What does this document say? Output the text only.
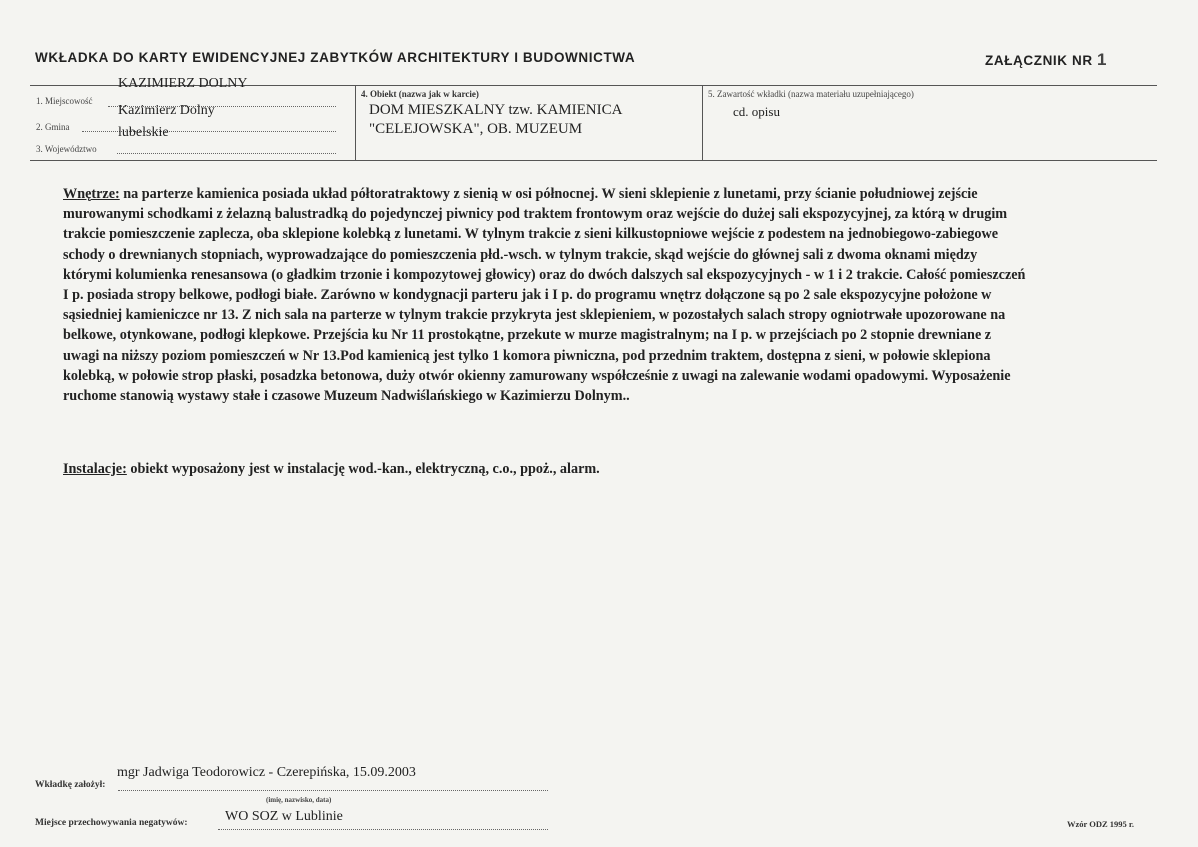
WKŁADKA DO KARTY EWIDENCYJNEJ ZABYTKÓW ARCHITEKTURY I BUDOWNICTWA	ZAŁĄCZNIK NR 1
1. Miejscowość
KAZIMIERZ DOLNY
2. Gmina
Kazimierz Dolny
3. Województwo
lubelskie
4. Obiekt (nazwa jak w karcie)
DOM MIESZKALNY tzw. KAMIENICA
"CELEJOWSKA", OB. MUZEUM
5. Zawartość wkładki (nazwa materiału uzupełniającego)
cd. opisu

Wnętrze: na parterze kamienica posiada układ półtoratraktowy z sienią w osi północnej. W sieni sklepienie z lunetami, przy ścianie południowej zejście murowanymi schodkami z żelazną balustradką do pojedynczej piwnicy pod traktem frontowym oraz wejście do dużej sali ekspozycyjnej, za którą w drugim trakcie pomieszczenie zaplecza, oba sklepione kolebką z lunetami. W tylnym trakcie z sieni kilkustopniowe wejście z podestem na jednobiegowo-zabiegowe schody o drewnianych stopniach, wyprowadzające do pomieszczenia płd.-wsch. w tylnym trakcie, skąd wejście do głównej sali z dwoma oknami między którymi kolumienka renesansowa (o gładkim trzonie i kompozytowej głowicy) oraz do dwóch dalszych sal ekspozycyjnych - w 1 i 2 trakcie. Całość pomieszczeń I p. posiada stropy belkowe, podłogi białe. Zarówno w kondygnacji parteru jak i I p. do programu wnętrz dołączone są po 2 sale ekspozycyjne położone w sąsiedniej kamieniczce nr 13. Z nich sala na parterze w tylnym trakcie przykryta jest sklepieniem, w pozostałych salach stropy ogniotrwałe upozorowane na belkowe, otynkowane, podłogi klepkowe. Przejścia ku Nr 11 prostokątne, przekute w murze magistralnym; na I p. w przejściach po 2 stopnie drewniane z uwagi na niższy poziom pomieszczeń w Nr 13.Pod kamienicą jest tylko 1 komora piwniczna, pod przednim traktem, dostępna z sieni, w połowie sklepiona kolebką, w połowie strop płaski, posadzka betonowa, duży otwór okienny zamurowany współcześnie z uwagi na zalewanie wodami opadowymi. Wyposażenie ruchome stanowią wystawy stałe i czasowe Muzeum Nadwiślańskiego w Kazimierzu Dolnym..

Instalacje: obiekt wyposażony jest w instalację wod.-kan., elektryczną, c.o., ppoż., alarm.
mgr Jadwiga Teodorowicz - Czerepińska, 15.09.2003
Wkładkę założył:
(imię, nazwisko, data)
Miejsce przechowywania negatywów:	WO SOZ w Lublinie	Wzór ODZ 1995 r.
